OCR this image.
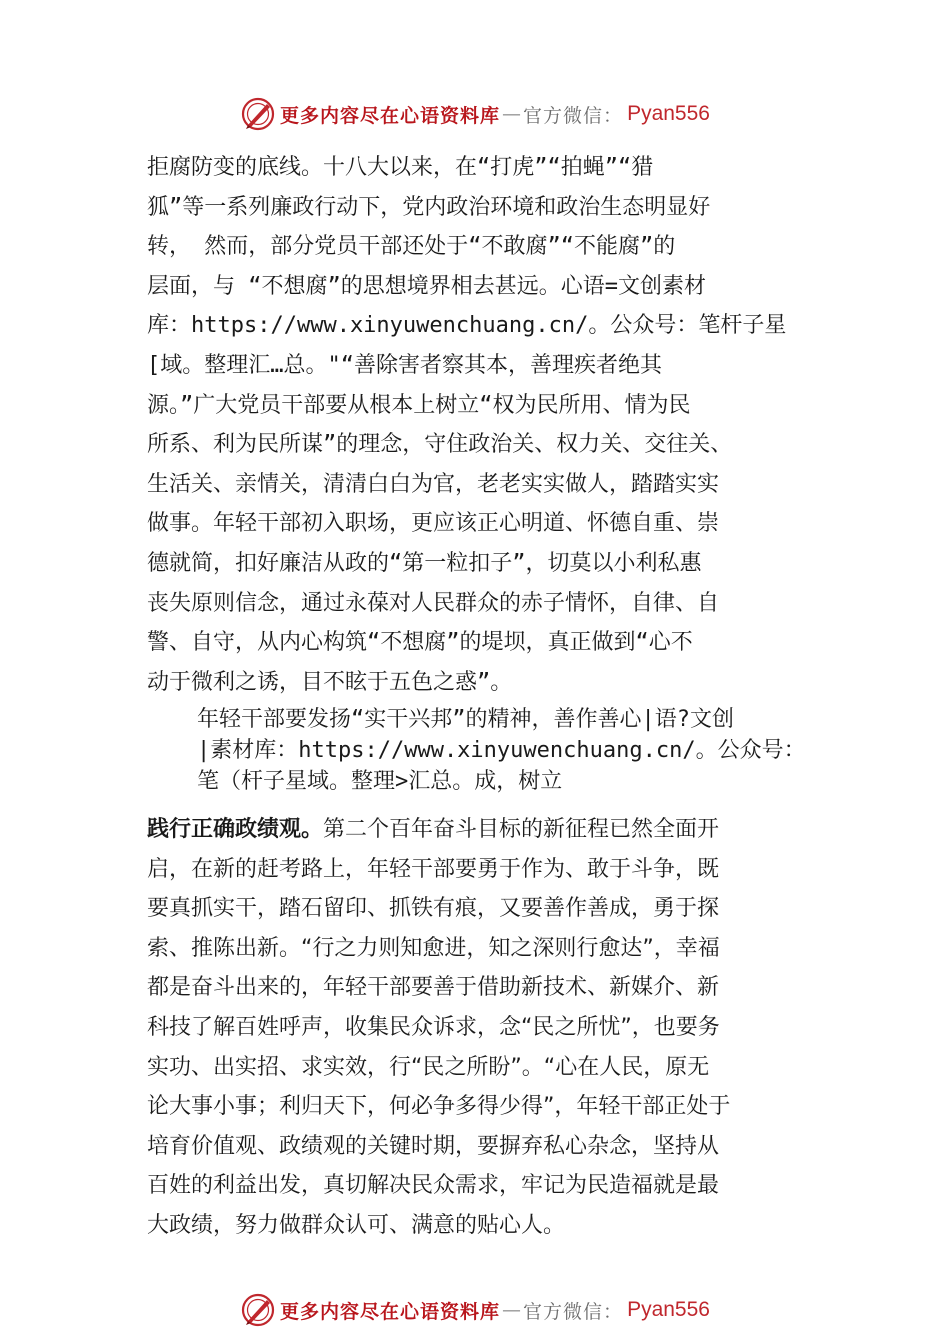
更多内容尽在心语资料库 — 官方微信： Pyan556
拒腐防变的底线。十八大以来，在“打虎”“拍蝇”“猎
狐”等一系列廉政行动下，党内政治环境和政治生态明显好
转， 然而，部分党员干部还处于“不敢腐”“不能腐”的
层面，与 “不想腐”的思想境界相去甚远。心语=文创素材
库：https://www.xinyuwenchuang.cn/。公众号：笔杆子星
[域。整理汇…总。"“善除害者察其本，善理疾者绝其
源。”广大党员干部要从根本上树立“权为民所用、情为民
所系、利为民所谋”的理念，守住政治关、权力关、交往关、
生活关、亲情关，清清白白为官，老老实实做人，踏踏实实
做事。年轻干部初入职场，更应该正心明道、怀德自重、崇
德就简，扣好廉洁从政的“第一粒扣子”，切莫以小利私惠
丧失原则信念，通过永葆对人民群众的赤子情怀，自律、自
警、自守，从内心构筑“不想腐”的堤坝，真正做到“心不
动于微利之诱，目不眩于五色之惑”。
年轻干部要发扬“实干兴邦”的精神，善作善心|语?文创
|素材库：https://www.xinyuwenchuang.cn/。公众号：
笔（杆子星域。整理>汇总。成，树立
践行正确政绩观。第二个百年奋斗目标的新征程已然全面开
启，在新的赶考路上，年轻干部要勇于作为、敢于斗争，既
要真抓实干，踏石留印、抓铁有痕，又要善作善成，勇于探
索、推陈出新。“行之力则知愈进，知之深则行愈达”，幸福
都是奋斗出来的，年轻干部要善于借助新技术、新媒介、新
科技了解百姓呼声，收集民众诉求，念“民之所忧”，也要务
实功、出实招、求实效，行“民之所盼”。“心在人民，原无
论大事小事；利归天下，何必争多得少得”，年轻干部正处于
培育价值观、政绩观的关键时期，要摒弃私心杂念，坚持从
百姓的利益出发，真切解决民众需求，牢记为民造福就是最
大政绩，努力做群众认可、满意的贴心人。
更多内容尽在心语资料库 — 官方微信： Pyan556
